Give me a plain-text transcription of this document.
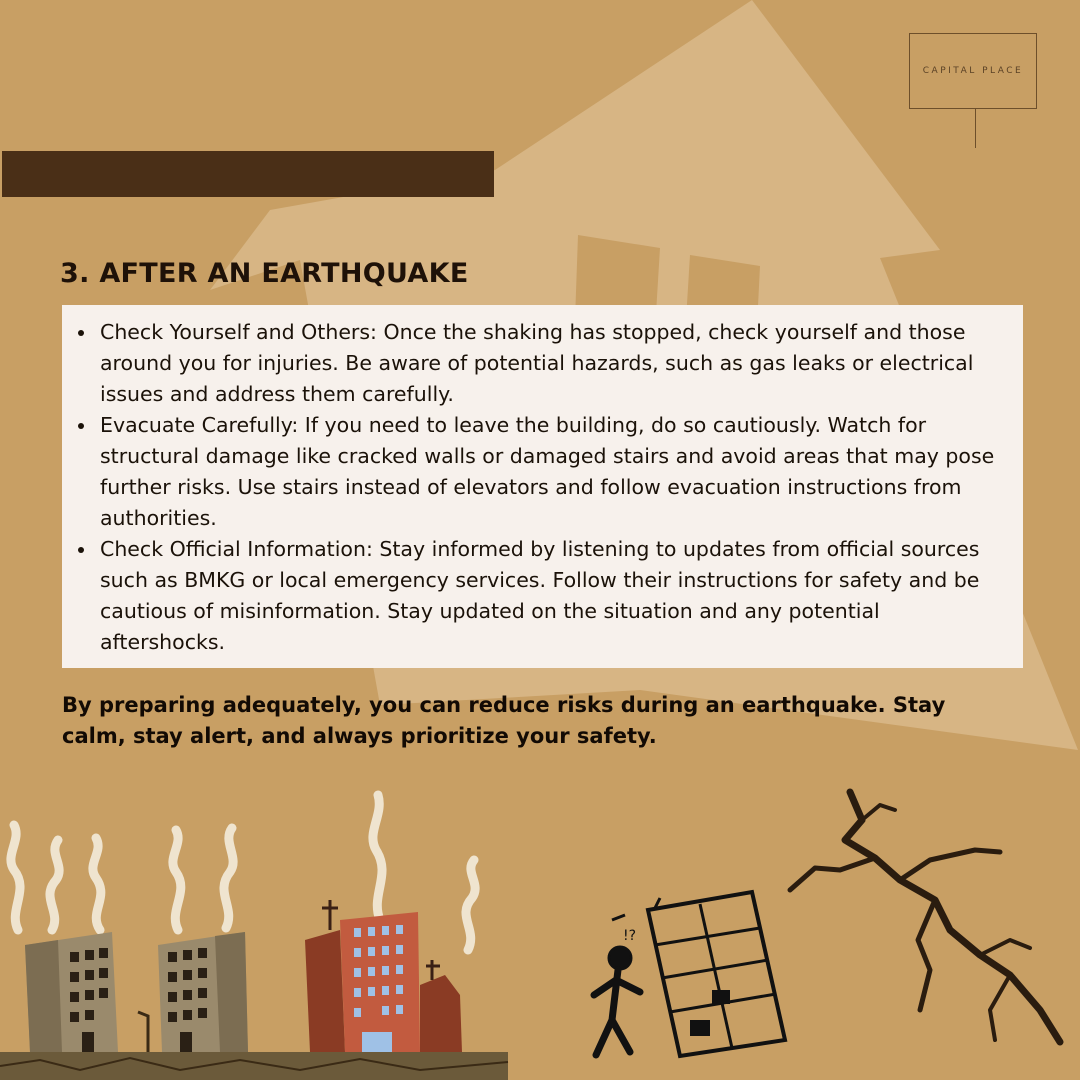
CAPITAL PLACE
3. AFTER AN EARTHQUAKE
Check Yourself and Others: Once the shaking has stopped, check yourself and those around you for injuries. Be aware of potential hazards, such as gas leaks or electrical issues and address them carefully.
Evacuate Carefully: If you need to leave the building, do so cautiously. Watch for structural damage like cracked walls or damaged stairs and avoid areas that may pose further risks. Use stairs instead of elevators and follow evacuation instructions from authorities.
Check Official Information: Stay informed by listening to updates from official sources such as BMKG or local emergency services. Follow their instructions for safety and be cautious of misinformation. Stay updated on the situation and any potential aftershocks.

By preparing adequately, you can reduce risks during an earthquake. Stay calm, stay alert, and always prioritize your safety.

!?
